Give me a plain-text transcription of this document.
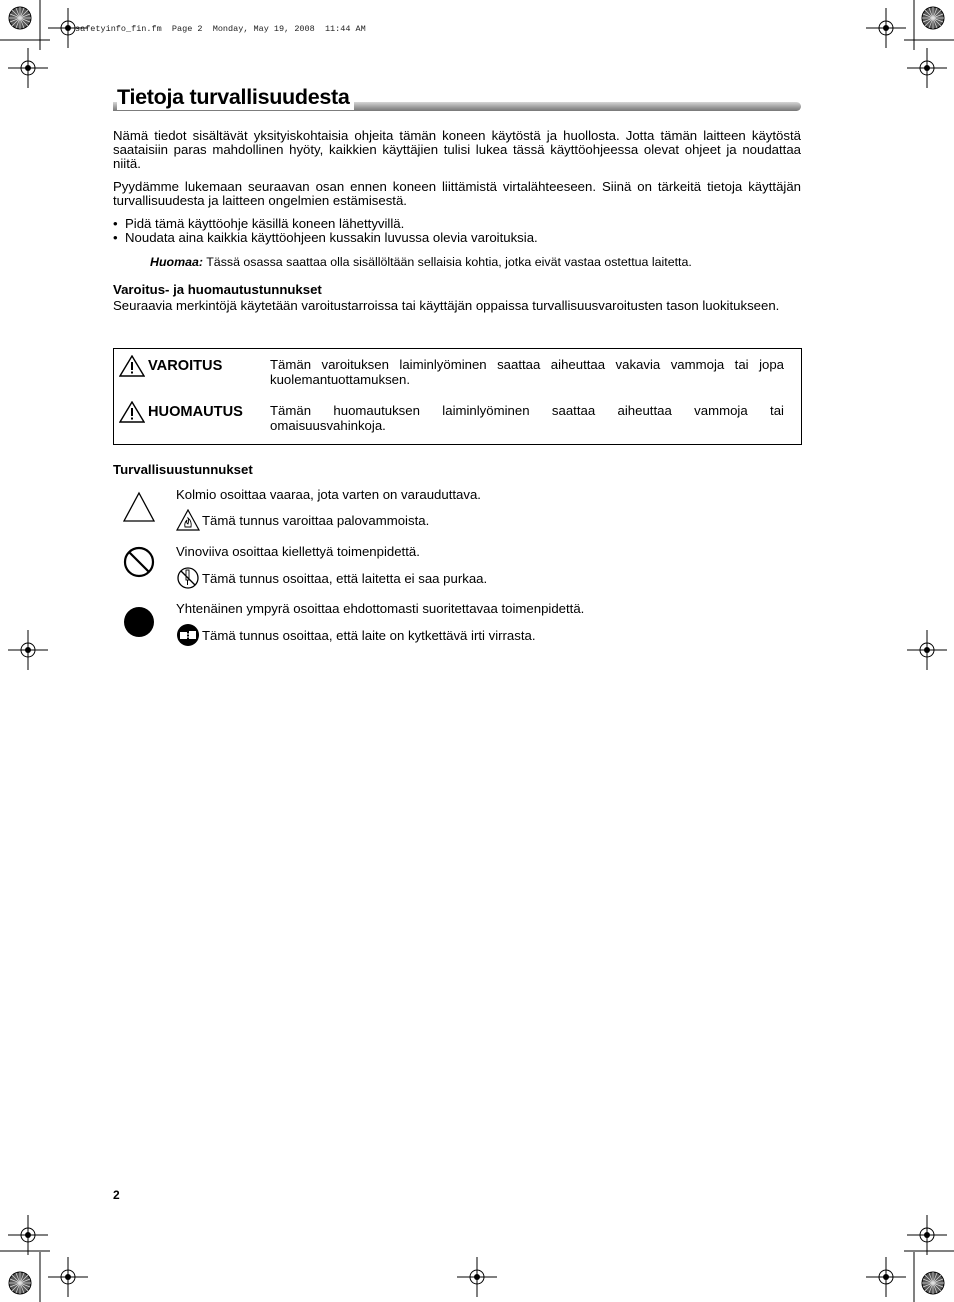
safetyinfo_fin.fm  Page 2  Monday, May 19, 2008  11:44 AM
Tietoja turvallisuudesta
Nämä tiedot sisältävät yksityiskohtaisia ohjeita tämän koneen käytöstä ja huollosta. Jotta tämän laitteen käytöstä saataisiin paras mahdollinen hyöty, kaikkien käyttäjien tulisi lukea tässä käyttöohjeessa olevat ohjeet ja noudattaa niitä.
Pyydämme lukemaan seuraavan osan ennen koneen liittämistä virtalähteeseen. Siinä on tärkeitä tietoja käyttäjän turvallisuudesta ja laitteen ongelmien estämisestä.
• Pidä tämä käyttöohje käsillä koneen lähettyvillä.
• Noudata aina kaikkia käyttöohjeen kussakin luvussa olevia varoituksia.
Huomaa: Tässä osassa saattaa olla sisällöltään sellaisia kohtia, jotka eivät vastaa ostettua laitetta.
Varoitus- ja huomautustunnukset
Seuraavia merkintöjä käytetään varoitustarroissa tai käyttäjän oppaissa turvallisuusvaroitusten tason luokitukseen.
VAROITUS	Tämän varoituksen laiminlyöminen saattaa aiheuttaa vakavia vammoja tai jopa kuolemantuottamuksen.
HUOMAUTUS Tämän huomautuksen laiminlyöminen saattaa aiheuttaa vammoja tai omaisuusvahinkoja.
Turvallisuustunnukset
Kolmio osoittaa vaaraa, jota varten on varauduttava.
Tämä tunnus varoittaa palovammoista.
Vinoviiva osoittaa kiellettyä toimenpidettä.
Tämä tunnus osoittaa, että laitetta ei saa purkaa.
Yhtenäinen ympyrä osoittaa ehdottomasti suoritettavaa toimenpidettä.
Tämä tunnus osoittaa, että laite on kytkettävä irti virrasta.
2
